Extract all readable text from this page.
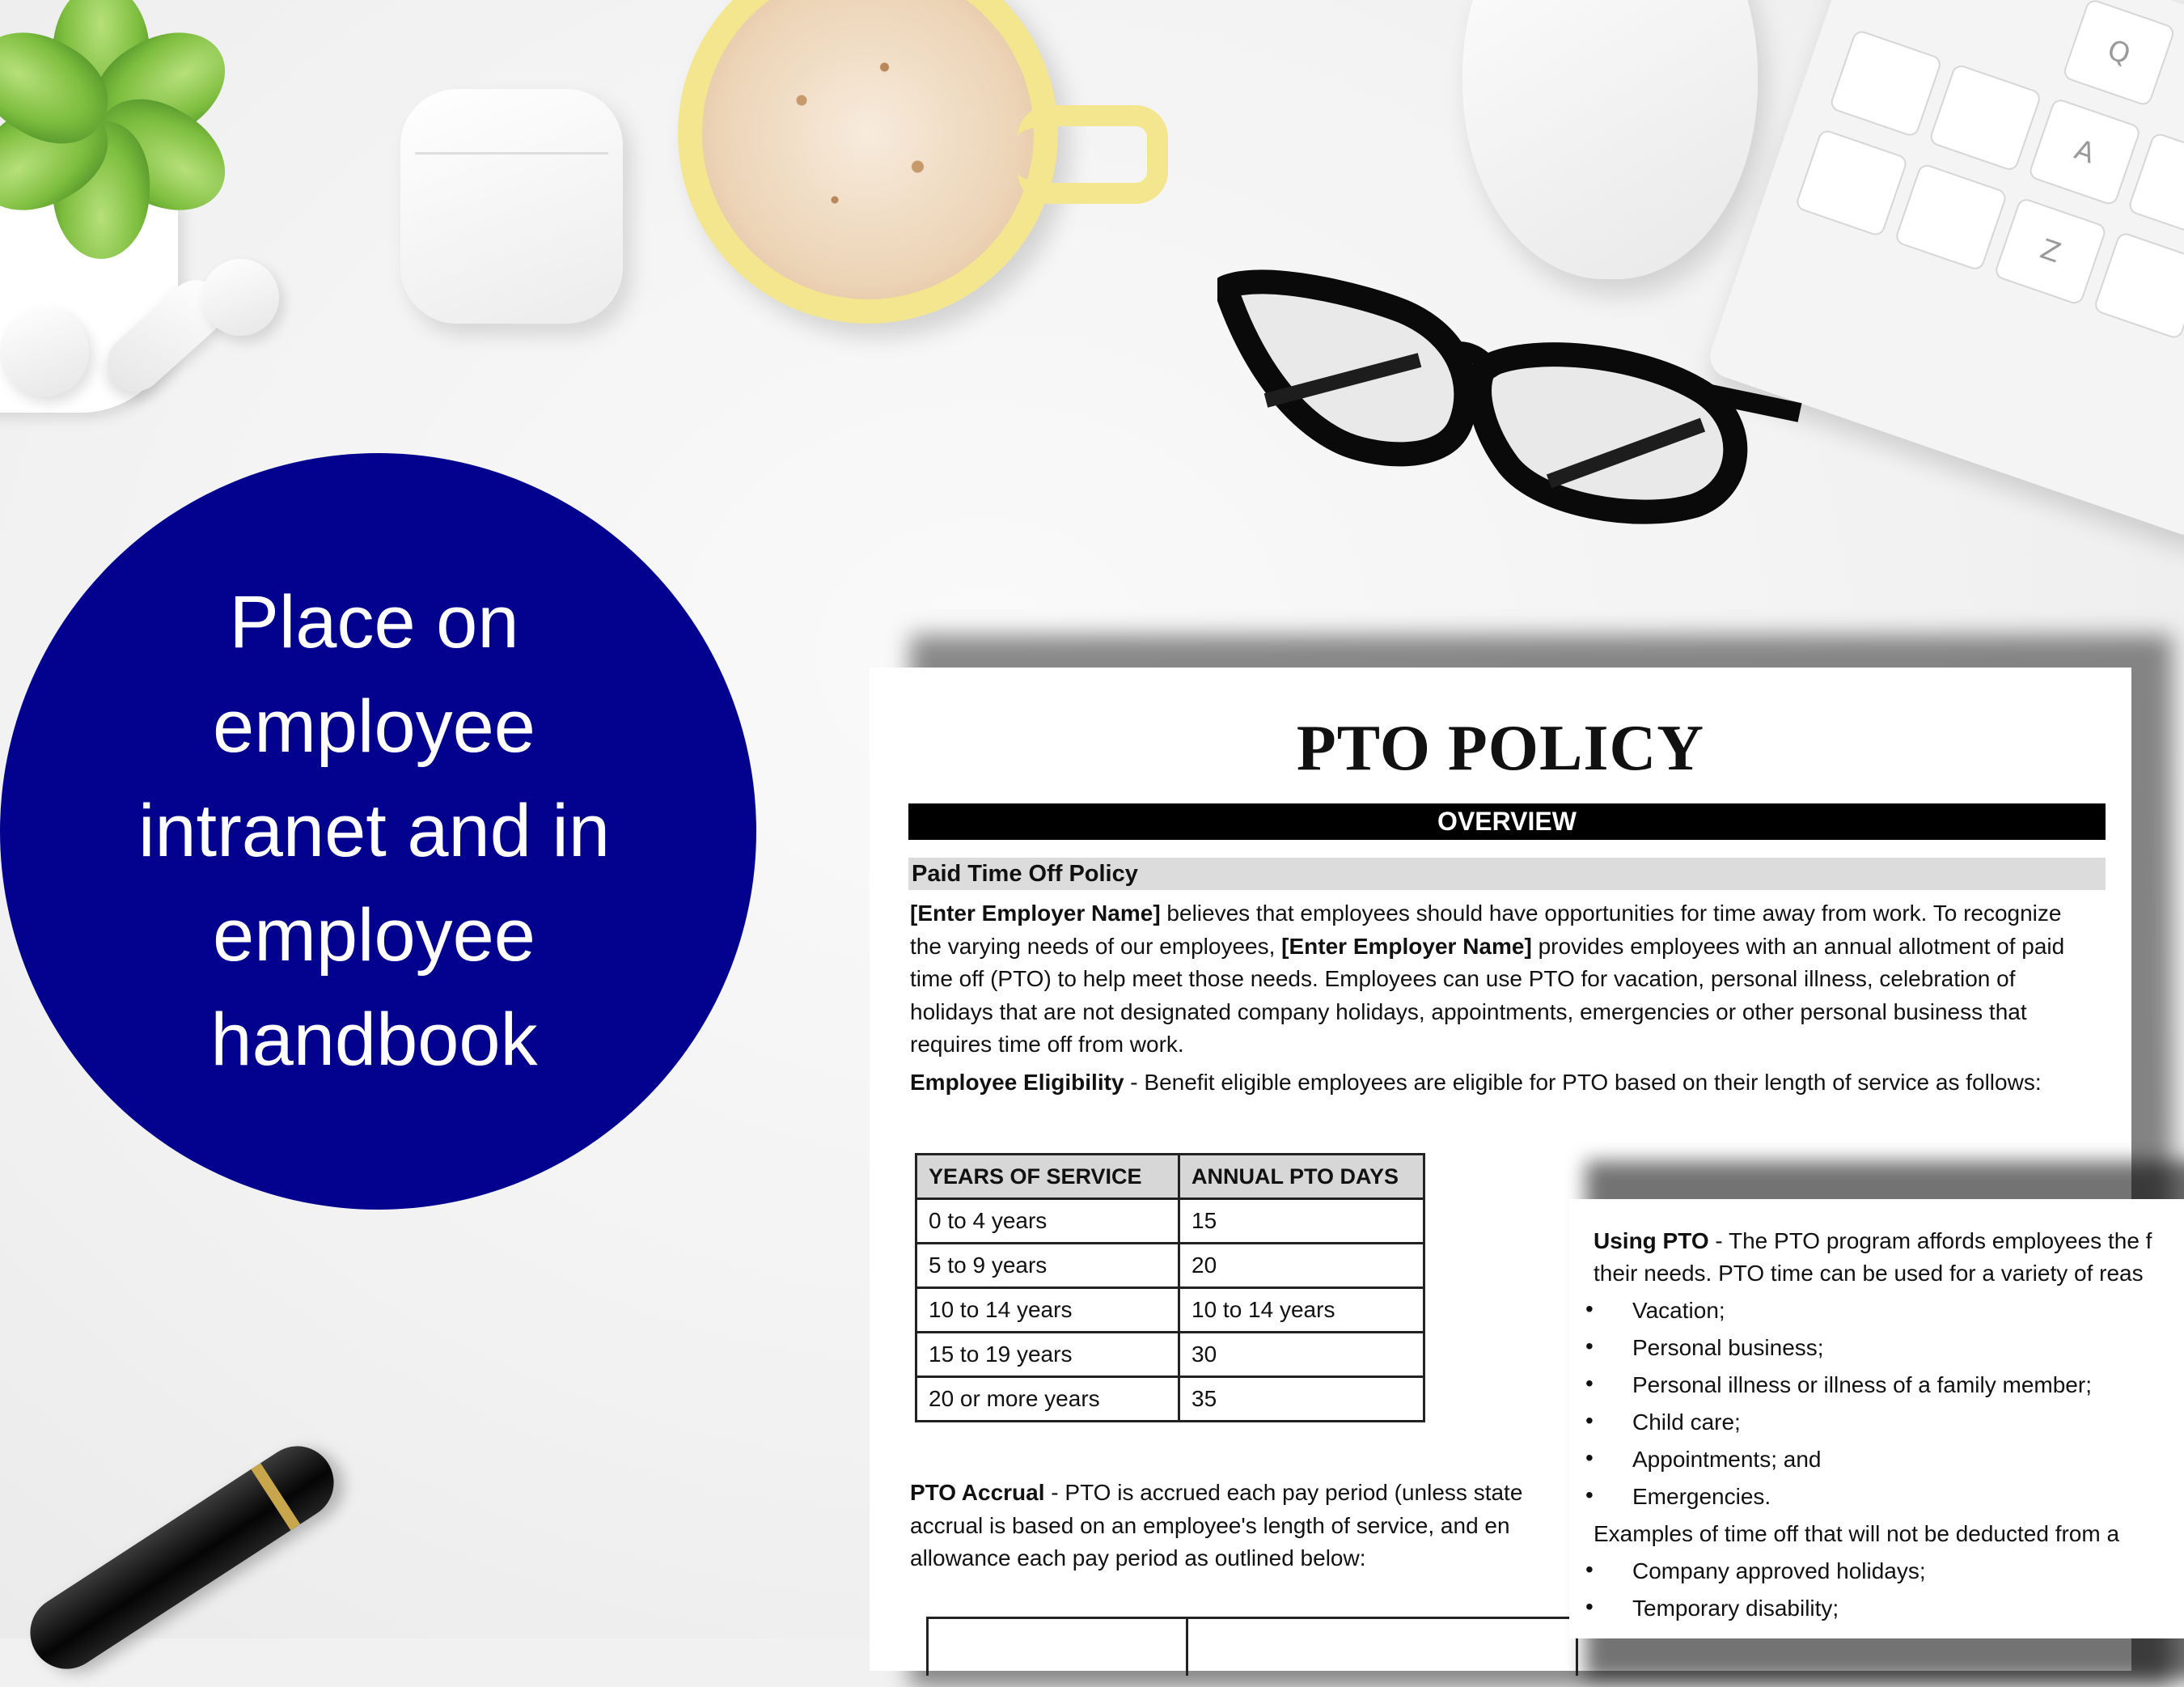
Q
A
Z
Place on employee intranet and in employee handbook
PTO POLICY
OVERVIEW
Paid Time Off Policy

[Enter Employer Name] believes that employees should have opportunities for time away from work. To recognize the varying needs of our employees, [Enter Employer Name] provides employees with an annual allotment of paid time off (PTO) to help meet those needs. Employees can use PTO for vacation, personal illness, celebration of holidays that are not designated company holidays, appointments, emergencies or other personal business that requires time off from work.

Employee Eligibility - Benefit eligible employees are eligible for PTO based on their length of service as follows:

YEARS OF SERVICE	ANNUAL PTO DAYS
0 to 4 years	15
5 to 9 years	20
10 to 14 years	10 to 14 years
15 to 19 years	30
20 or more years	35

PTO Accrual - PTO is accrued each pay period (unless state
accrual is based on an employee's length of service, and en
allowance each pay period as outlined below:

Using PTO - The PTO program affords employees the f
their needs. PTO time can be used for a variety of reas
• Vacation;
• Personal business;
• Personal illness or illness of a family member;
• Child care;
• Appointments; and
• Emergencies.
Examples of time off that will not be deducted from a
• Company approved holidays;
• Temporary disability;
